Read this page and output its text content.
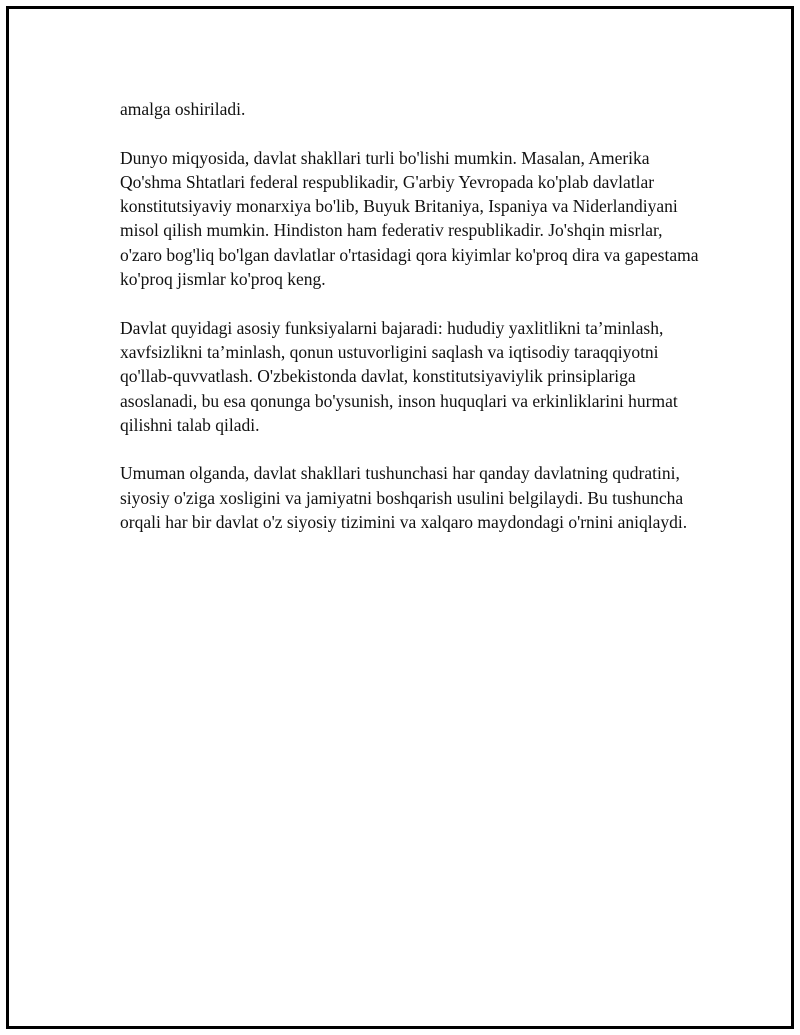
amalga oshiriladi.

Dunyo miqyosida, davlat shakllari turli bo'lishi mumkin. Masalan, Amerika Qo'shma Shtatlari federal respublikadir, G'arbiy Yevropada ko'plab davlatlar konstitutsiyaviy monarxiya bo'lib, Buyuk Britaniya, Ispaniya va Niderlandiyani misol qilish mumkin. Hindiston ham federativ respublikadir. Jo'shqin misrlar, o'zaro bog'liq bo'lgan davlatlar o'rtasidagi qora kiyimlar ko'proq dira va gapestama ko'proq jismlar ko'proq keng.

Davlat quyidagi asosiy funksiyalarni bajaradi: hududiy yaxlitlikni ta’minlash, xavfsizlikni ta’minlash, qonun ustuvorligini saqlash va iqtisodiy taraqqiyotni qo'llab-quvvatlash. O'zbekistonda davlat, konstitutsiyaviylik prinsiplariga asoslanadi, bu esa qonunga bo'ysunish, inson huquqlari va erkinliklarini hurmat qilishni talab qiladi.

Umuman olganda, davlat shakllari tushunchasi har qanday davlatning qudratini, siyosiy o'ziga xosligini va jamiyatni boshqarish usulini belgilaydi. Bu tushuncha orqali har bir davlat o'z siyosiy tizimini va xalqaro maydondagi o'rnini aniqlaydi.
